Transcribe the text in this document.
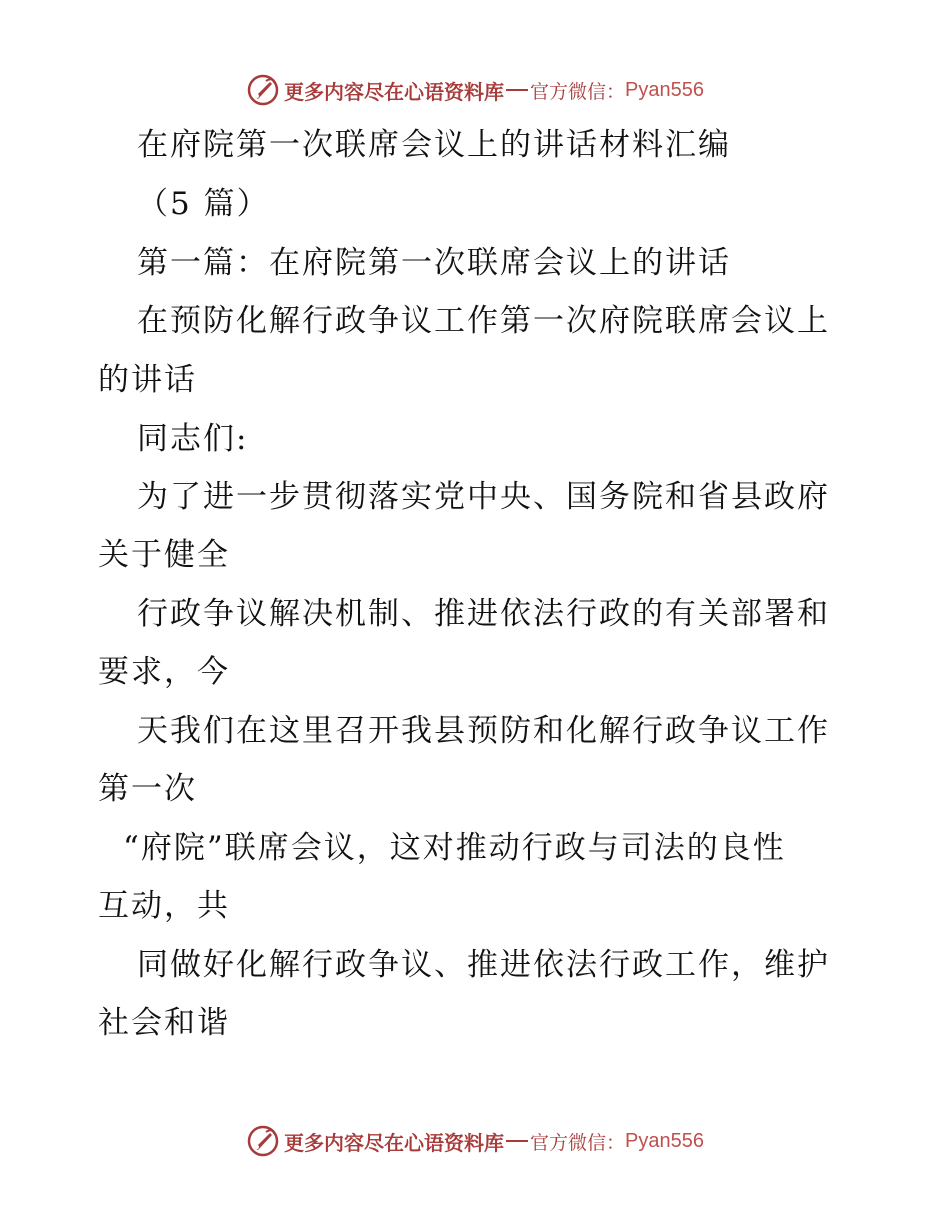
更多内容尽在心语资料库 官方微信： Pyan556
在府院第一次联席会议上的讲话材料汇编
（5 篇）
第一篇：在府院第一次联席会议上的讲话
在预防化解行政争议工作第一次府院联席会议上
的讲话
同志们:
为了进一步贯彻落实党中央、国务院和省县政府
关于健全
行政争议解决机制、推进依法行政的有关部署和
要求，今
天我们在这里召开我县预防和化解行政争议工作
第一次
“府院”联席会议，这对推动行政与司法的良性
互动，共
同做好化解行政争议、推进依法行政工作，维护
社会和谐
更多内容尽在心语资料库 官方微信： Pyan556
